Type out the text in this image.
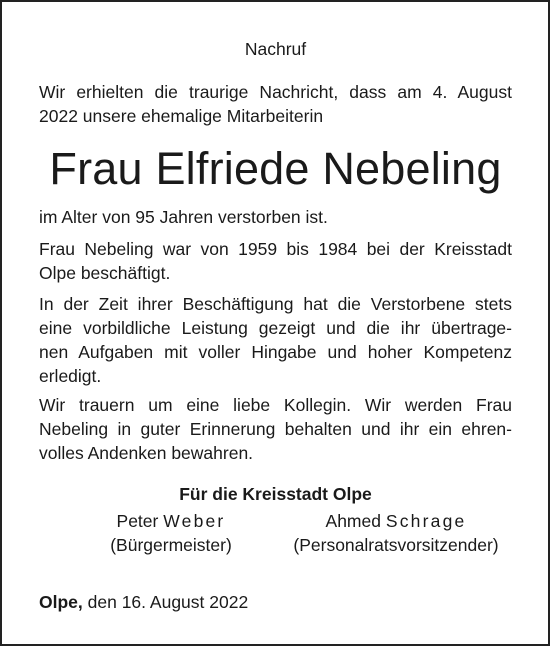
Nachruf
Wir erhielten die traurige Nachricht, dass am 4. August
2022 unsere ehemalige Mitarbeiterin
Frau Elfriede Nebeling
im Alter von 95 Jahren verstorben ist.
Frau Nebeling war von 1959 bis 1984 bei der Kreisstadt
Olpe beschäftigt.
In der Zeit ihrer Beschäftigung hat die Verstorbene stets
eine vorbildliche Leistung gezeigt und die ihr übertrage-
nen Aufgaben mit voller Hingabe und hoher Kompetenz
erledigt.
Wir trauern um eine liebe Kollegin. Wir werden Frau
Nebeling in guter Erinnerung behalten und ihr ein ehren-
volles Andenken bewahren.
Für die Kreisstadt Olpe
Peter Weber
(Bürgermeister)
Ahmed Schrage
(Personalratsvorsitzender)
Olpe, den 16. August 2022
